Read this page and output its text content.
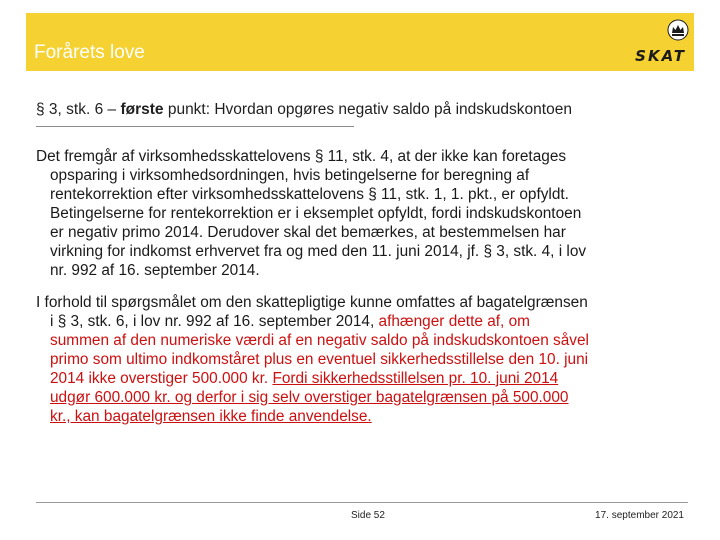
Forårets love	SKAT
§ 3, stk. 6 – første punkt: Hvordan opgøres negativ saldo på indskudskontoen
Det fremgår af virksomhedsskattelovens § 11, stk. 4, at der ikke kan foretages
opsparing i virksomhedsordningen, hvis betingelserne for beregning af
rentekorrektion efter virksomhedsskattelovens § 11, stk. 1, 1. pkt., er opfyldt.
Betingelserne for rentekorrektion er i eksemplet opfyldt, fordi indskudskontoen
er negativ primo 2014. Derudover skal det bemærkes, at bestemmelsen har
virkning for indkomst erhvervet fra og med den 11. juni 2014, jf. § 3, stk. 4, i lov
nr. 992 af 16. september 2014.
I forhold til spørgsmålet om den skattepligtige kunne omfattes af bagatelgrænsen
i § 3, stk. 6, i lov nr. 992 af 16. september 2014, afhænger dette af, om
summen af den numeriske værdi af en negativ saldo på indskudskontoen såvel
primo som ultimo indkomståret plus en eventuel sikkerhedsstillelse den 10. juni
2014 ikke overstiger 500.000 kr. Fordi sikkerhedsstillelsen pr. 10. juni 2014
udgør 600.000 kr. og derfor i sig selv overstiger bagatelgrænsen på 500.000
kr., kan bagatelgrænsen ikke finde anvendelse.
Side 52	17. september 2021
